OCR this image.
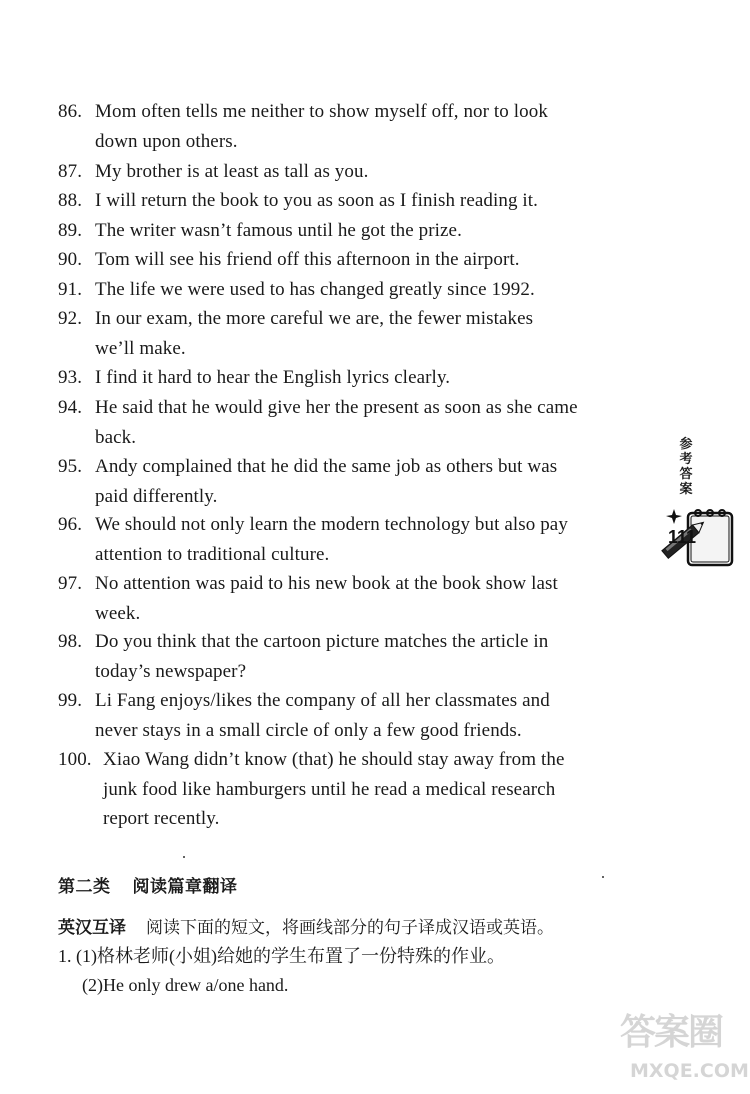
86. Mom often tells me neither to show myself off, nor to look
down upon others.
87. My brother is at least as tall as you.
88. I will return the book to you as soon as I finish reading it.
89. The writer wasn’t famous until he got the prize.
90. Tom will see his friend off this afternoon in the airport.
91. The life we were used to has changed greatly since 1992.
92. In our exam, the more careful we are, the fewer mistakes
we’ll make.
93. I find it hard to hear the English lyrics clearly.
94. He said that he would give her the present as soon as she came
back.
95. Andy complained that he did the same job as others but was
paid differently.
96. We should not only learn the modern technology but also pay
attention to traditional culture.
97. No attention was paid to his new book at the book show last
week.
98. Do you think that the cartoon picture matches the article in
today’s newspaper?
99. Li Fang enjoys/likes the company of all her classmates and
never stays in a small circle of only a few good friends.
100. Xiao Wang didn’t know (that) he should stay away from the
junk food like hamburgers until he read a medical research
report recently.
第二类 阅读篇章翻译
英汉互译 阅读下面的短文，将画线部分的句子译成汉语或英语。
1. (1)格林老师(小姐)给她的学生布置了一份特殊的作业。
(2)He only drew a/one hand.
参
考
答
案
111
答案圈
MXQE.COM
